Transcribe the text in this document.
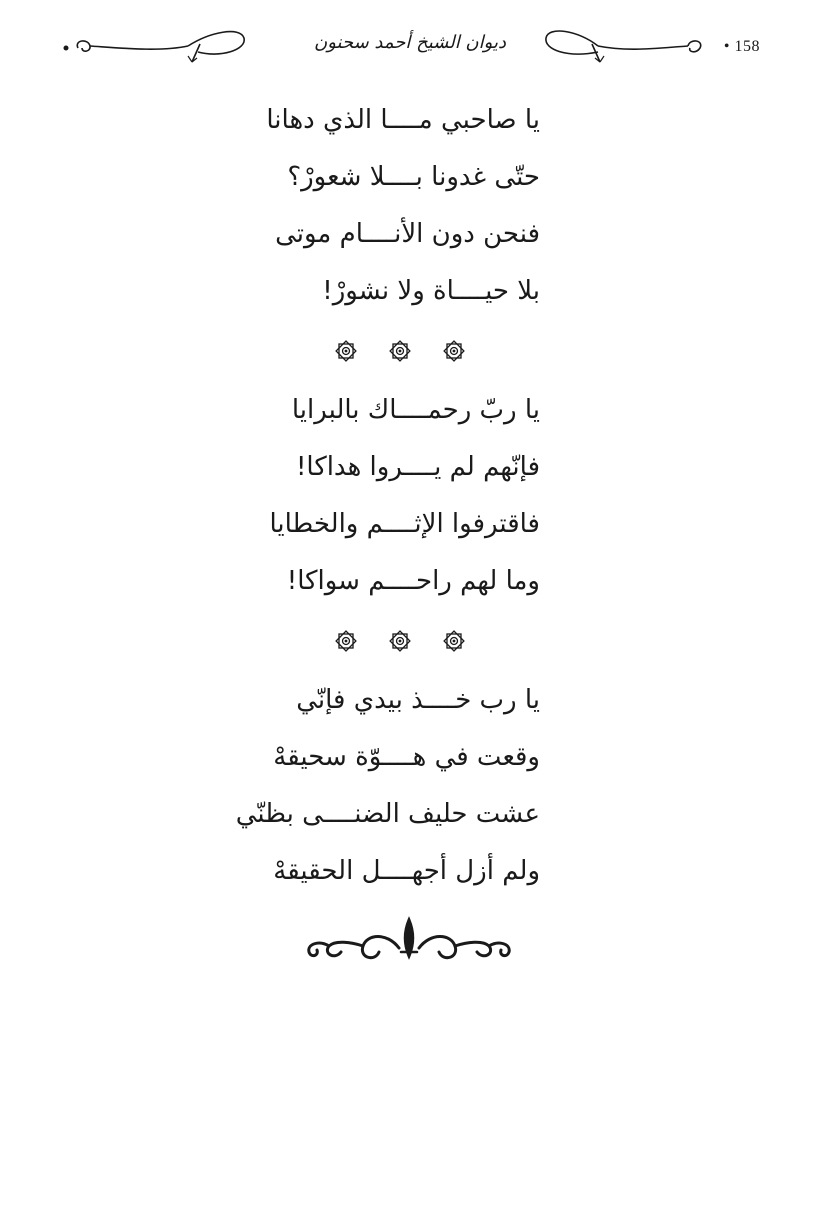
ديوان الشيخ أحمد سحنون	• 158
يا صاحبي مــــا الذي دهانا
حتّى غدونا بــــلا شعورْ؟
فنحن دون الأنــــام موتى
بلا حيــــاة ولا نشورْ!
يا ربّ رحمــــاك بالبرايا
فإنّهم لم يــــروا هداكا!
فاقترفوا الإثــــم والخطايا
وما لهم راحــــم سواكا!
يا رب خــــذ بيدي فإنّي
وقعت في هــــوّة سحيقهْ
عشت حليف الضنــــى بظنّي
ولم أزل أجهــــل الحقيقهْ
